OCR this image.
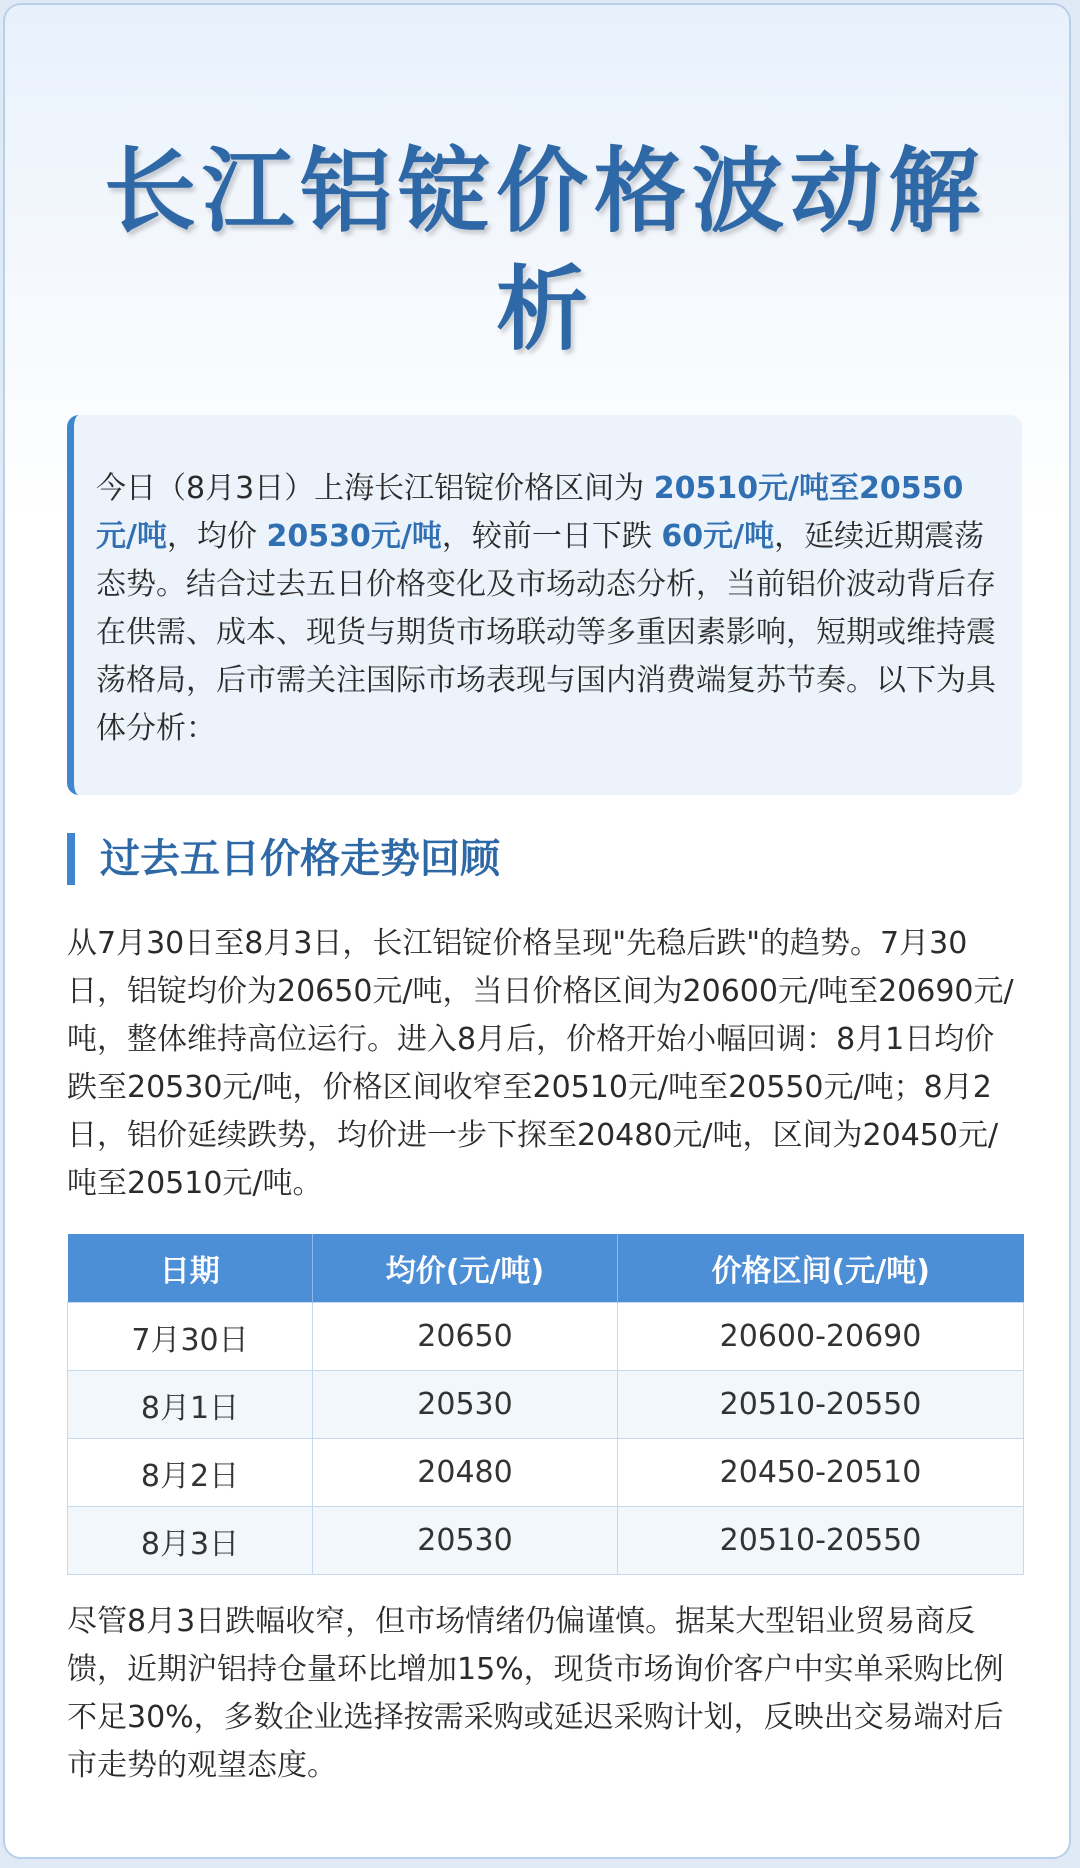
长江铝锭价格波动解
析
今日（8月3日）上海长江铝锭价格区间为 20510元/吨至20550元/吨，均价 20530元/吨，较前一日下跌 60元/吨，延续近期震荡态势。结合过去五日价格变化及市场动态分析，当前铝价波动背后存在供需、成本、现货与期货市场联动等多重因素影响，短期或维持震荡格局，后市需关注国际市场表现与国内消费端复苏节奏。以下为具体分析：
过去五日价格走势回顾
从7月30日至8月3日，长江铝锭价格呈现"先稳后跌"的趋势。7月30日，铝锭均价为20650元/吨，当日价格区间为20600元/吨至20690元/吨，整体维持高位运行。进入8月后，价格开始小幅回调：8月1日均价跌至20530元/吨，价格区间收窄至20510元/吨至20550元/吨；8月2日，铝价延续跌势，均价进一步下探至20480元/吨，区间为20450元/吨至20510元/吨。
日期	均价(元/吨)	价格区间(元/吨)
7月30日	20650	20600-20690
8月1日	20530	20510-20550
8月2日	20480	20450-20510
8月3日	20530	20510-20550
尽管8月3日跌幅收窄，但市场情绪仍偏谨慎。据某大型铝业贸易商反馈，近期沪铝持仓量环比增加15%，现货市场询价客户中实单采购比例不足30%，多数企业选择按需采购或延迟采购计划，反映出交易端对后市走势的观望态度。
